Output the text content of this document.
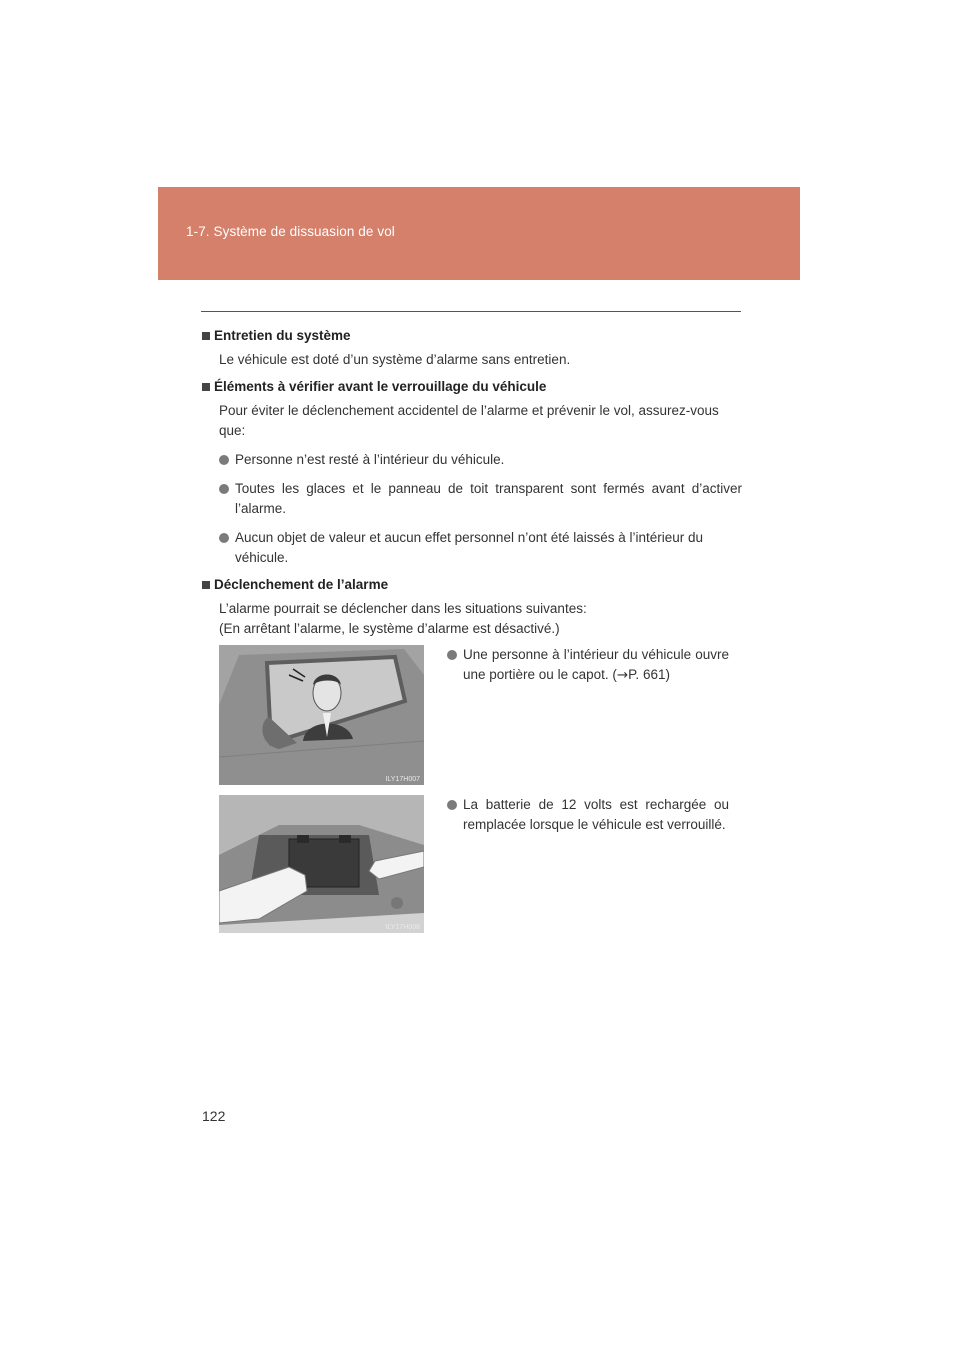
1-7. Système de dissuasion de vol
Entretien du système

Le véhicule est doté d’un système d’alarme sans entretien.

Éléments à vérifier avant le verrouillage du véhicule

Pour éviter le déclenchement accidentel de l’alarme et prévenir le vol, assurez-vous que:

Personne n’est resté à l’intérieur du véhicule.
Toutes les glaces et le panneau de toit transparent sont fermés avant d’activer l’alarme.
Aucun objet de valeur et aucun effet personnel n’ont été laissés à l’intérieur du véhicule.
Déclenchement de l’alarme

L’alarme pourrait se déclencher dans les situations suivantes:
(En arrêtant l’alarme, le système d’alarme est désactivé.)

ILY17H007
Une personne à l’intérieur du véhicule ouvre une portière ou le capot. (→P. 661)
ILY17H008
La batterie de 12 volts est rechargée ou remplacée lorsque le véhicule est verrouillé.
122
